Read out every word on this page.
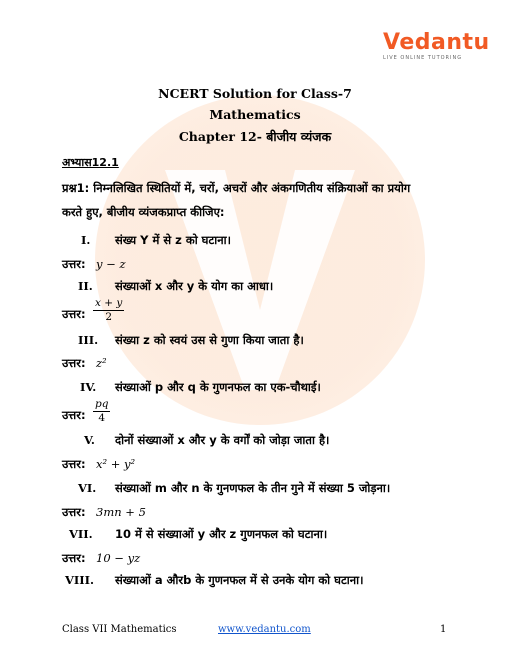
Vedantu
LIVE ONLINE TUTORING
NCERT Solution for Class-7
Mathematics
Chapter 12- बीजीय व्यंजक
अभ्यास12.1
प्रश्न1: निम्नलिखित स्थितियों में, चरों, अचरों और अंकगणितीय संक्रियाओं का प्रयोग
करते हुए, बीजीय व्यंजकप्राप्त कीजिए:
I. संख्य Y में से z को घटाना।
उत्तर: y − z
II. संख्याओं x और y के योग का आधा।
उत्तर: $\frac{x + y}{2}$
III. संख्या z को स्वयं उस से गुणा किया जाता है।
उत्तर: z²
IV. संख्याओं p और q के गुणनफल का एक-चौथाई।
उत्तर: $\frac{pq}{4}$
V. दोनों संख्याओं x और y के वर्गों को जोड़ा जाता है।
उत्तर: x² + y²
VI. संख्याओं m और n के गुनणफल के तीन गुने में संख्या 5 जोड़ना।
उत्तर: 3mn + 5
VII. 10 में से संख्याओं y और z गुणनफल को घटाना।
उत्तर: 10 − yz
VIII. संख्याओं a औरb के गुणनफल में से उनके योग को घटाना।
Class VII Mathematics	www.vedantu.com	1
